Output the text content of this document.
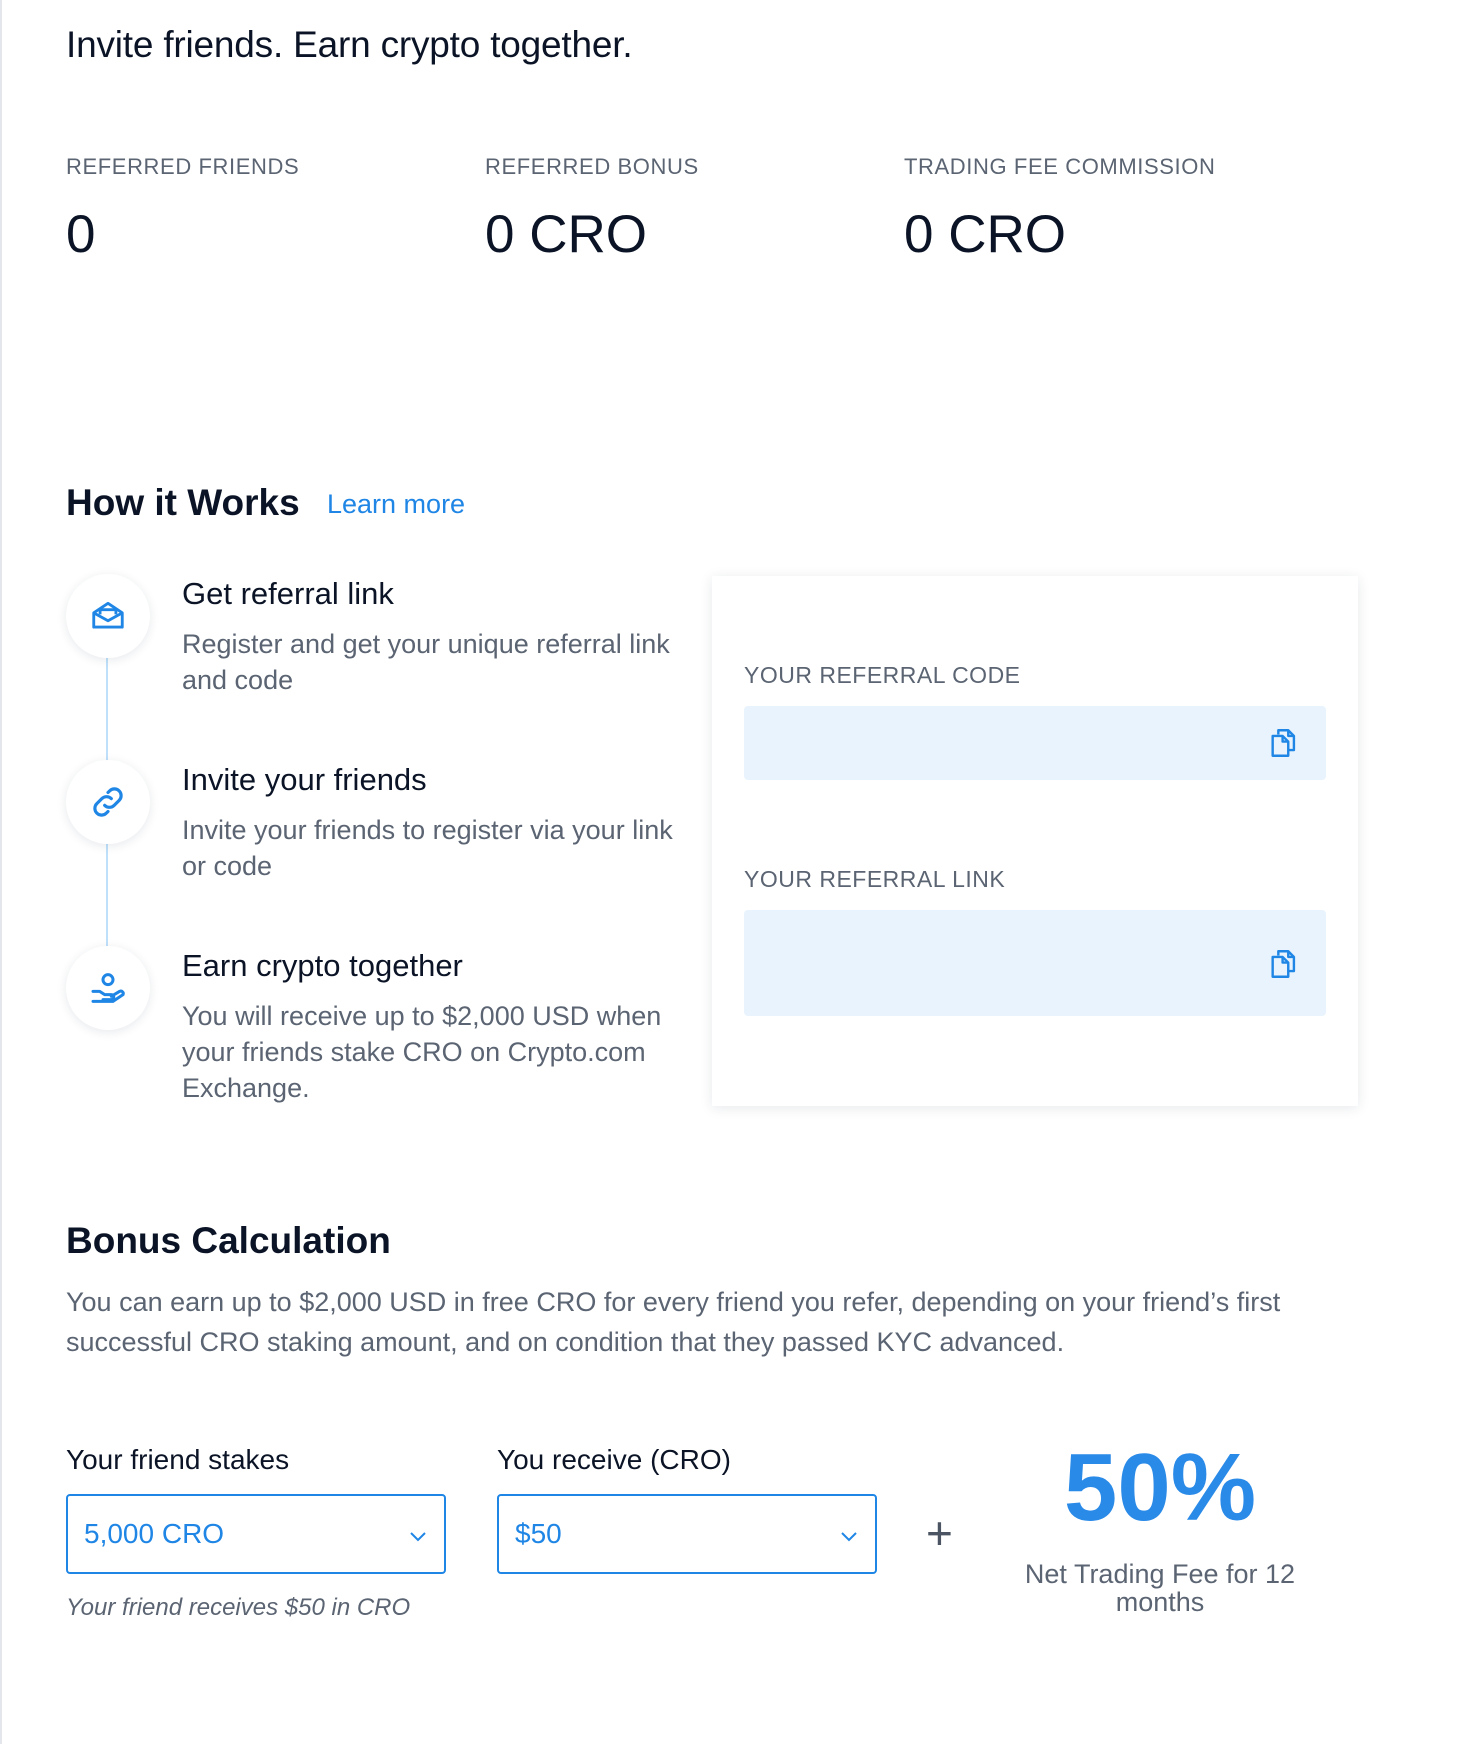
Invite friends. Earn crypto together.
REFERRED FRIENDS
0
REFERRED BONUS
0 CRO
TRADING FEE COMMISSION
0 CRO
How it Works Learn more
Get referral link
Register and get your unique referral link and code
Invite your friends
Invite your friends to register via your link or code
Earn crypto together
You will receive up to $2,000 USD when your friends stake CRO on Crypto.com Exchange.
YOUR REFERRAL CODE
YOUR REFERRAL LINK
Bonus Calculation

You can earn up to $2,000 USD in free CRO for every friend you refer, depending on your friend’s first successful CRO staking amount, and on condition that they passed KYC advanced.

Your friend stakes
5,000 CRO
You receive (CRO)
$50
Your friend receives $50 in CRO
+	50%
Net Trading Fee for 12 months
